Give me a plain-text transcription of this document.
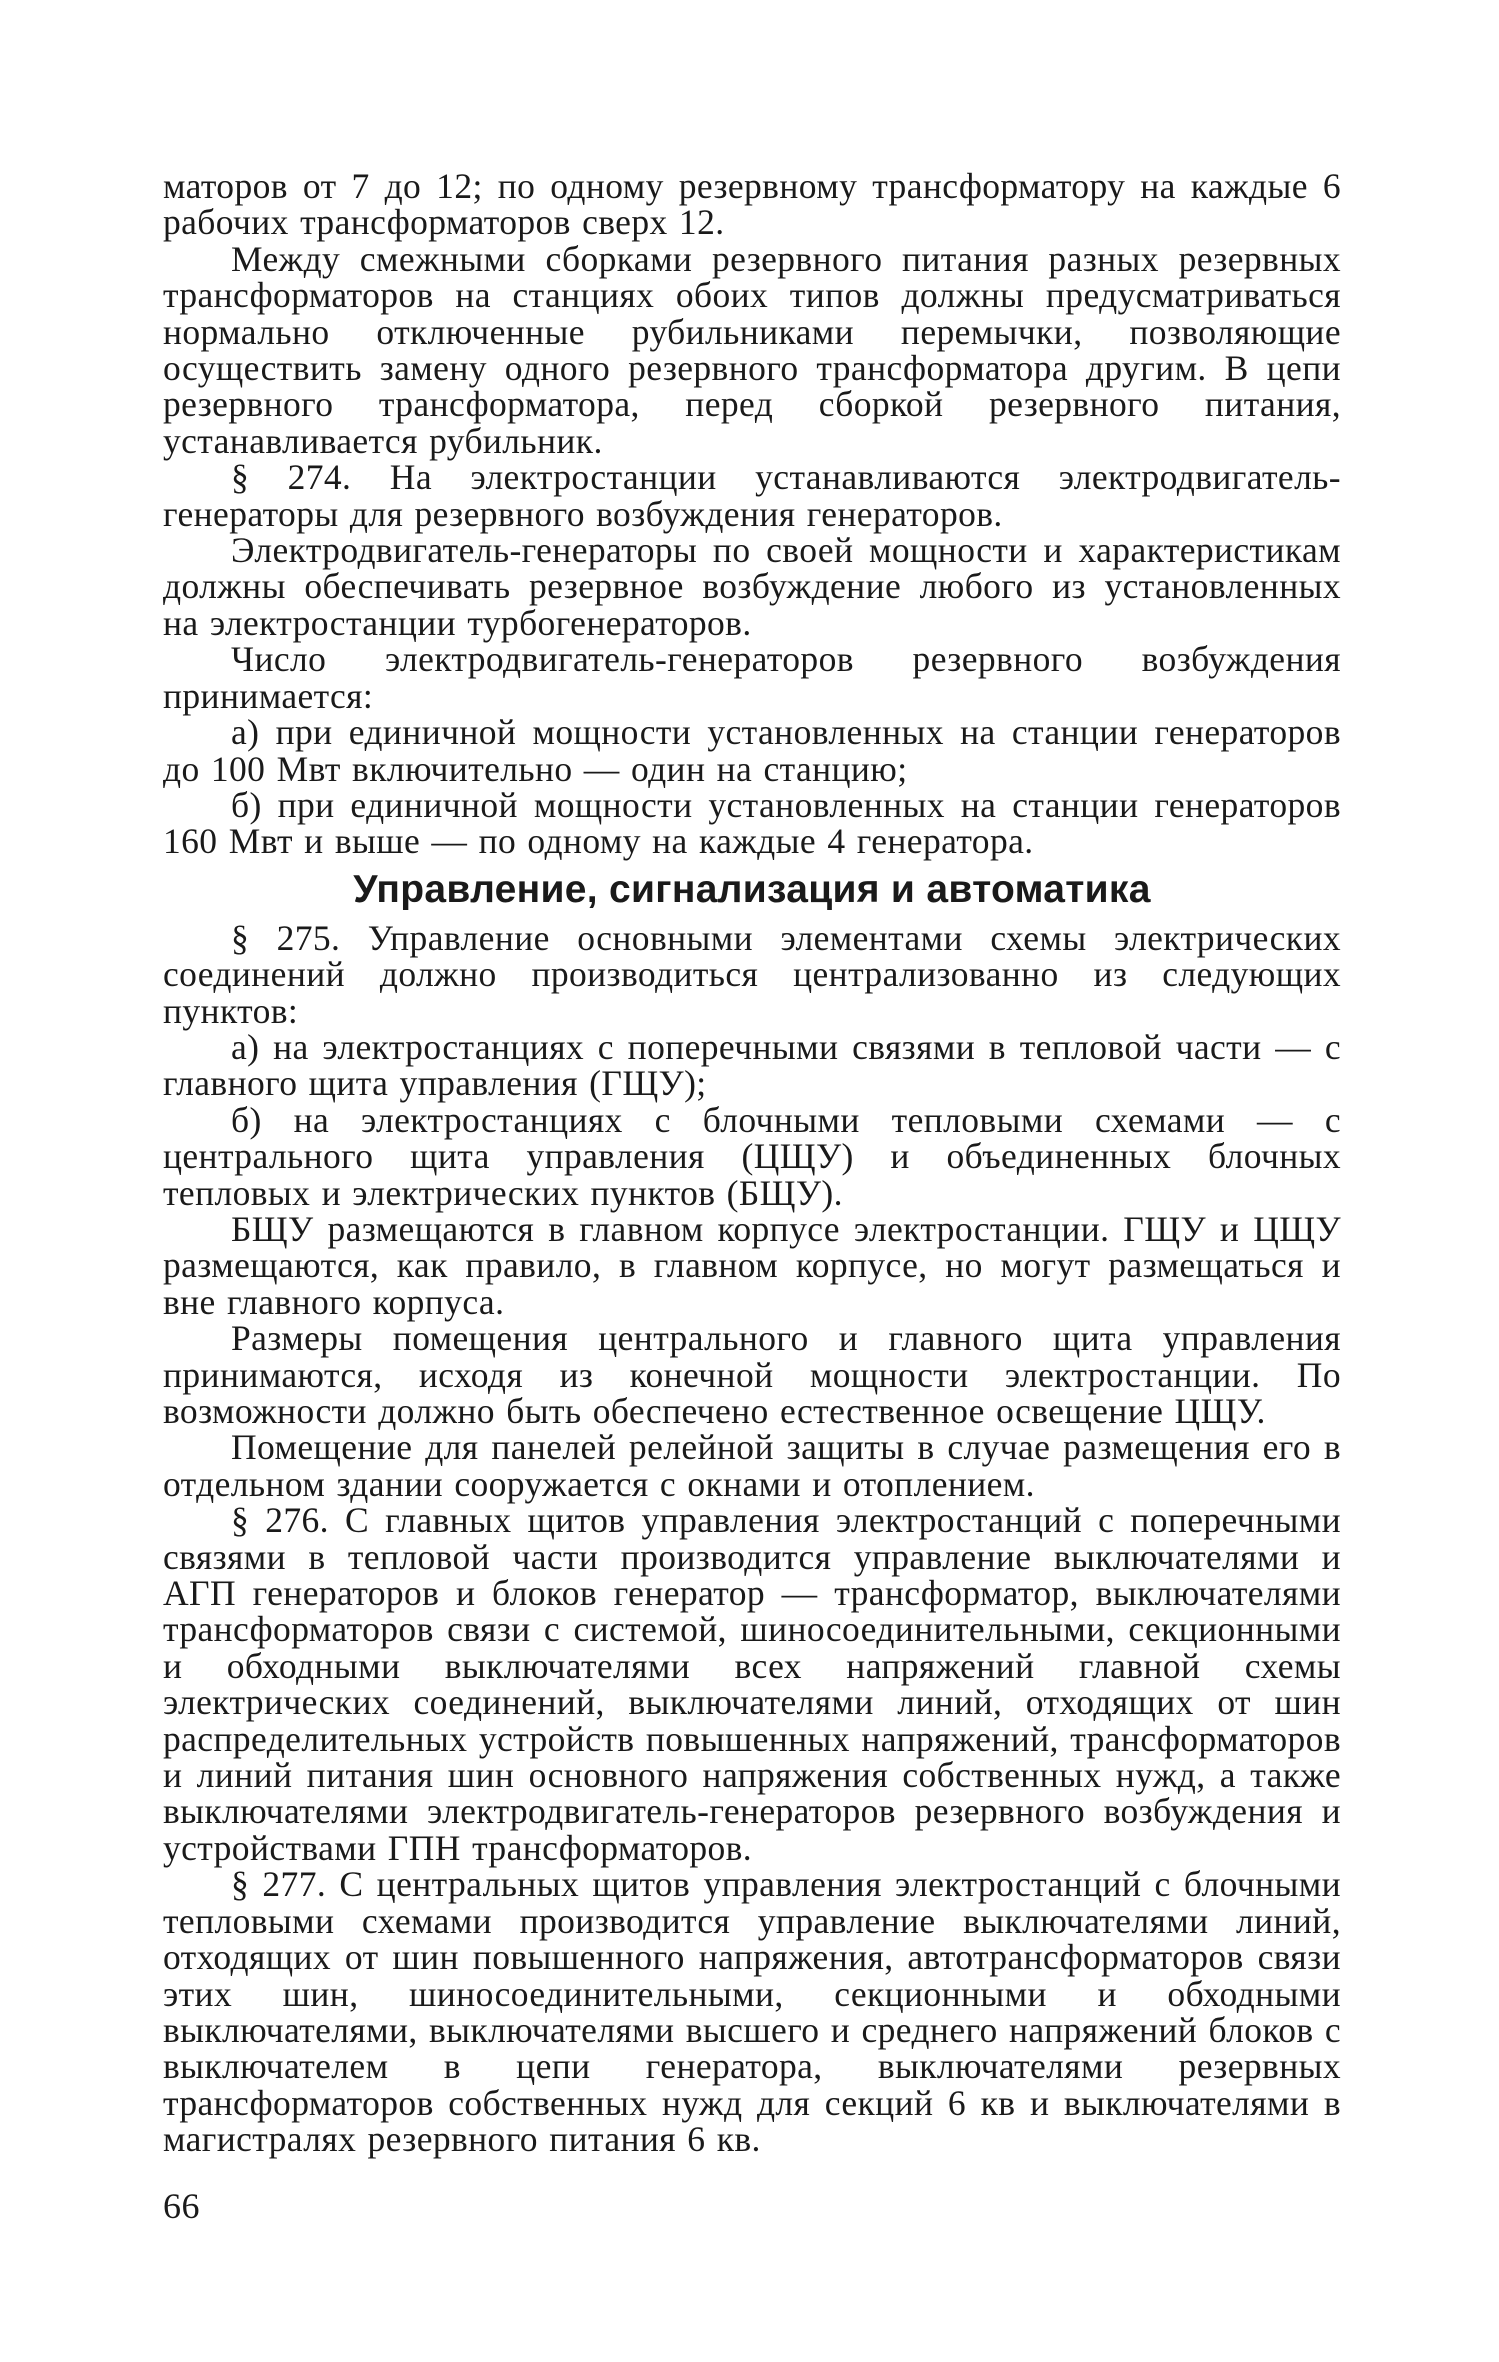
маторов от 7 до 12; по одному резервному трансформатору на каждые 6 рабочих трансформаторов сверх 12.

Между смежными сборками резервного питания разных резервных трансформаторов на станциях обоих типов должны предусматриваться нормально отключенные рубильниками перемычки, позволяющие осуществить замену одного резервного трансформатора другим. В цепи резервного трансформатора, перед сборкой резервного питания, устанавливается рубильник.

§ 274. На электростанции устанавливаются электродвигатель-генераторы для резервного возбуждения генераторов.

Электродвигатель-генераторы по своей мощности и характеристикам должны обеспечивать резервное возбуждение любого из установленных на электростанции турбогенераторов.

Число электродвигатель-генераторов резервного возбуждения принимается:

а) при единичной мощности установленных на станции генераторов до 100 Мвт включительно — один на станцию;

б) при единичной мощности установленных на станции генераторов 160 Мвт и выше — по одному на каждые 4 генератора.

Управление, сигнализация и автоматика

§ 275. Управление основными элементами схемы электрических соединений должно производиться централизованно из следующих пунктов:

а) на электростанциях с поперечными связями в тепловой части — с главного щита управления (ГЩУ);

б) на электростанциях с блочными тепловыми схемами — с центрального щита управления (ЦЩУ) и объединенных блочных тепловых и электрических пунктов (БЩУ).

БЩУ размещаются в главном корпусе электростанции. ГЩУ и ЦЩУ размещаются, как правило, в главном корпусе, но могут размещаться и вне главного корпуса.

Размеры помещения центрального и главного щита управления принимаются, исходя из конечной мощности электростанции. По возможности должно быть обеспечено естественное освещение ЦЩУ.

Помещение для панелей релейной защиты в случае размещения его в отдельном здании сооружается с окнами и отоплением.

§ 276. С главных щитов управления электростанций с поперечными связями в тепловой части производится управление выключателями и АГП генераторов и блоков генератор — трансформатор, выключателями трансформаторов связи с системой, шиносоединительными, секционными и обходными выключателями всех напряжений главной схемы электрических соединений, выключателями линий, отходящих от шин распределительных устройств повышенных напряжений, трансформаторов и линий питания шин основного напряжения собственных нужд, а также выключателями электродвигатель-генераторов резервного возбуждения и устройствами ГПН трансформаторов.

§ 277. С центральных щитов управления электростанций с блочными тепловыми схемами производится управление выключателями линий, отходящих от шин повышенного напряжения, автотрансформаторов связи этих шин, шиносоединительными, секционными и обходными выключателями, выключателями высшего и среднего напряжений блоков с выключателем в цепи генератора, выключателями резервных трансформаторов собственных нужд для секций 6 кв и выключателями в магистралях резервного питания 6 кв.

66
